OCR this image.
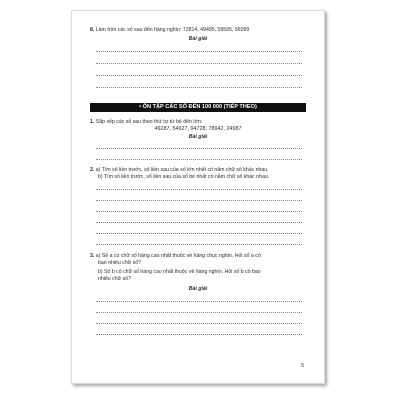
8. Làm tròn các số sau đến hàng nghìn: 72814, 49495, 59595, 56099
Bài giải
• ÔN TẬP CÁC SỐ ĐẾN 100 000 (TIẾP THEO)
1. Sắp xếp các số sau theo thứ tự từ bé đến lớn:
49287, 54927, 94728, 78942, 24987
Bài giải
2. a) Tìm số liền trước, số liền sau của số lớn nhất có năm chữ số khác nhau.
b) Tìm số liền trước, số liền sau của số bé nhất có năm chữ số khác nhau.
3. a) Số a có chữ số hàng cao nhất thuộc về hàng chục nghìn. Hỏi số a có
bao nhiêu chữ số?
b) Số b có chữ số hàng cao nhất thuộc về hàng nghìn. Hỏi số b có bao
nhiêu chữ số?
Bài giải
5
